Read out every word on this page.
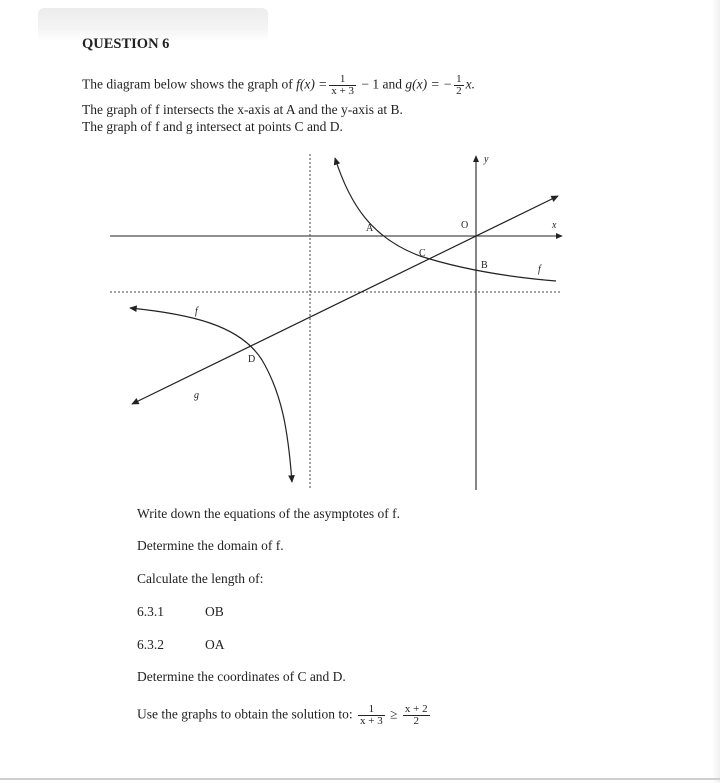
QUESTION 6
The diagram below shows the graph of $f(x) = \frac{1}{x + 3} - 1$ and g(x) = − $\frac{1}{2} x$.
The graph of f intersects the x-axis at A and the y-axis at B.
The graph of f and g intersect at points C and D.
y
x
O
A
B
C
D
f
f
g
Write down the equations of the asymptotes of f.
Determine the domain of f.
Calculate the length of:
6.3.1	OB
6.3.2	OA
Determine the coordinates of C and D.
Use the graphs to obtain the solution to: $\frac{1}{x + 3} \ge \frac{x + 2}{2}$
